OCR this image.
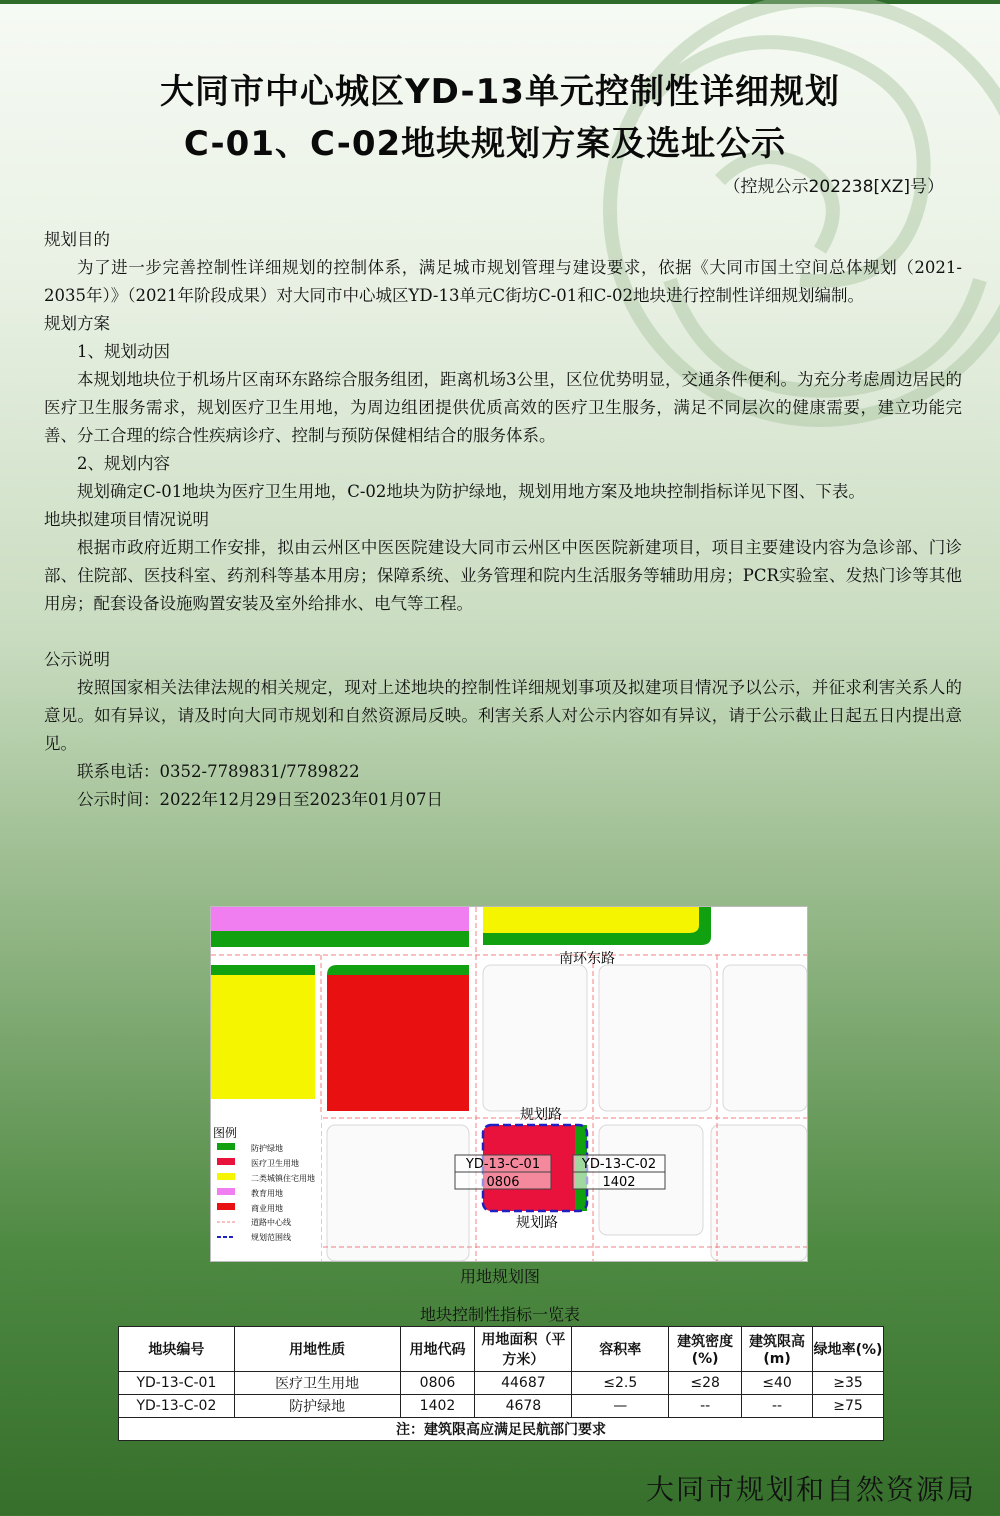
大同市中心城区YD-13单元控制性详细规划
C-01、C-02地块规划方案及选址公示
（控规公示202238[XZ]号）
规划目的

为了进一步完善控制性详细规划的控制体系，满足城市规划管理与建设要求，依据《大同市国土空间总体规划（2021-2035年）》（2021年阶段成果）对大同市中心城区YD-13单元C街坊C-01和C-02地块进行控制性详细规划编制。

规划方案

1、规划动因

本规划地块位于机场片区南环东路综合服务组团，距离机场3公里，区位优势明显，交通条件便利。为充分考虑周边居民的医疗卫生服务需求，规划医疗卫生用地，为周边组团提供优质高效的医疗卫生服务，满足不同层次的健康需要，建立功能完善、分工合理的综合性疾病诊疗、控制与预防保健相结合的服务体系。

2、规划内容

规划确定C-01地块为医疗卫生用地，C-02地块为防护绿地，规划用地方案及地块控制指标详见下图、下表。

地块拟建项目情况说明

根据市政府近期工作安排，拟由云州区中医医院建设大同市云州区中医医院新建项目，项目主要建设内容为急诊部、门诊部、住院部、医技科室、药剂科等基本用房；保障系统、业务管理和院内生活服务等辅助用房；PCR实验室、发热门诊等其他用房；配套设备设施购置安装及室外给排水、电气等工程。

公示说明

按照国家相关法律法规的相关规定，现对上述地块的控制性详细规划事项及拟建项目情况予以公示，并征求利害关系人的意见。如有异议，请及时向大同市规划和自然资源局反映。利害关系人对公示内容如有异议，请于公示截止日起五日内提出意见。

联系电话：0352-7789831/7789822

公示时间：2022年12月29日至2023年01月07日

YD-13-C-01
0806
YD-13-C-02
1402
南环东路
规划路
规划路
图例
防护绿地
医疗卫生用地
二类城镇住宅用地
教育用地
商业用地
道路中心线
规划范围线
用地规划图
地块控制性指标一览表
地块编号	用地性质	用地代码	用地面积（平方米）	容积率	建筑密度(%)	建筑限高(m)	绿地率(%)
YD-13-C-01	医疗卫生用地	0806	44687	≤2.5	≤28	≤40	≥35
YD-13-C-02	防护绿地	1402	4678	—	--	--	≥75
注：建筑限高应满足民航部门要求							
大同市规划和自然资源局
